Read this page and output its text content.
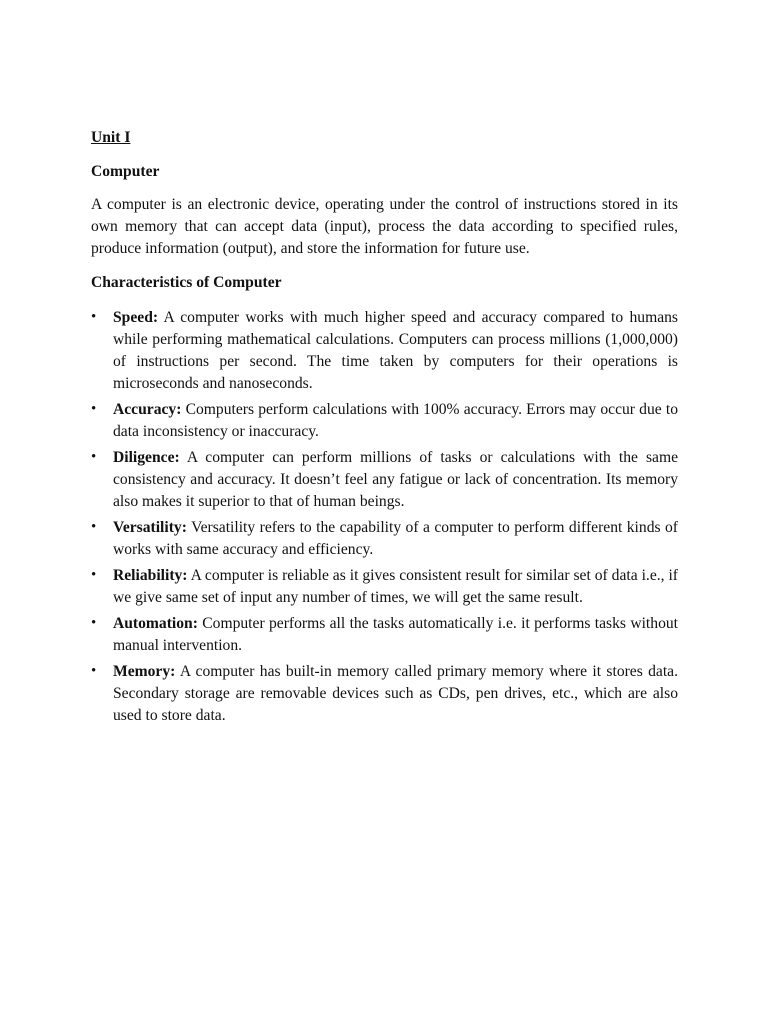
Unit I
Computer
A computer is an electronic device, operating under the control of instructions stored in its own memory that can accept data (input), process the data according to specified rules, produce information (output), and store the information for future use.
Characteristics of Computer
•	Speed: A computer works with much higher speed and accuracy compared to humans while performing mathematical calculations. Computers can process millions (1,000,000) of instructions per second. The time taken by computers for their operations is microseconds and nanoseconds.
•	Accuracy: Computers perform calculations with 100% accuracy. Errors may occur due to data inconsistency or inaccuracy.
•	Diligence: A computer can perform millions of tasks or calculations with the same consistency and accuracy. It doesn’t feel any fatigue or lack of concentration. Its memory also makes it superior to that of human beings.
•	Versatility: Versatility refers to the capability of a computer to perform different kinds of works with same accuracy and efficiency.
•	Reliability: A computer is reliable as it gives consistent result for similar set of data i.e., if we give same set of input any number of times, we will get the same result.
•	Automation: Computer performs all the tasks automatically i.e. it performs tasks without manual intervention.
•	Memory: A computer has built-in memory called primary memory where it stores data. Secondary storage are removable devices such as CDs, pen drives, etc., which are also used to store data.
